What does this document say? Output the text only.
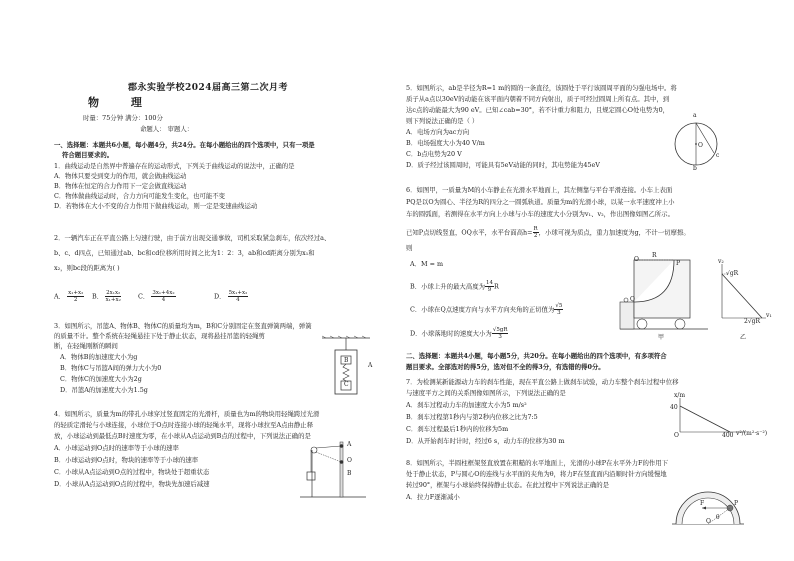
郡永实验学校2024届高三第二次月考
物 理
时量：75分钟 满分：100分
命题人： 审题人：
一、选择题：本题共6小题，每小题4分，共24分。在每小题给出的四个选项中，只有一项是
符合题目要求的。
1．曲线运动是自然界中普遍存在的运动形式，下列关于曲线运动的说法中，正确的是
A．物体只要受到变力的作用，就会做曲线运动
B．物体在恒定的合力作用下一定会做直线运动
C．物体做曲线运动时，合力方向可能发生变化，也可能不变
D．若物体在大小不变的合力作用下做曲线运动，则一定是变速曲线运动
2．一辆汽车正在平直公路上匀速行驶，由于前方出现交通事故，司机采取紧急刹车，依次经过a、
b、c、d四点，已知通过ab、bc和cd位移所用时间之比为1：2：3，ab和cd距离分别为x₁和
x₂，则bc段的距离为( )
A． $\frac{\text{x₁+x₂}}{2}$ B． $\frac{\text{2x₁x₂}}{\text{x₁+x₂}}$	C． $\frac{\text{3x₁+4x₂}}{4}$	D． $\frac{\text{5x₁+x₂}}{4}$
3．如图所示，吊篮A、物体B、物体C的质量均为m，B和C分别固定在竖直弹簧两端，弹簧
的质量不计。整个系统在轻绳悬挂下处于静止状态，现将悬挂吊篮的轻绳剪
断，在轻绳刚断的瞬间
A．物体B的加速度大小为g
B．物体C与吊篮A间的弹力大小为0
C．物体C的加速度大小为2g
D．吊篮A的加速度大小为1.5g
B
C
A
4．如图所示，质量为m的带孔小球穿过竖直固定的光滑杆，质量也为m的物块用轻绳跨过光滑
的轻质定滑轮与小球连接，小球位于O点时连接小球的轻绳水平，现将小球拉至A点由静止释
放，小球运动到最低点B时速度为零，在小球从A点运动到B点的过程中，下列说法正确的是
A．小球运动到O点时的速率等于小球的速率
B．小球运动到O点时，物块的速率等于小球的速率
C．小球从A点运动到O点的过程中，物块处于超重状态
D．小球从A点运动到O点的过程中，物块先加速后减速
A
O
B
5．如图所示，ab是半径为R=1 m的圆的一条直径，该圆处于平行该圆周平面的匀强电场中。将
质子从a点以30eV的动能在该平面内朝着不同方向射出，质子可经过圆周上所有点。其中，到
达c点的动能最大为90 eV。已知∠cab=30°，若不计重力和阻力，且规定圆心O处电势为0，
则下列说法正确的是（ ）
A．电场方向为ac方向
B．电场强度大小为40 V/m
C．b点电势为20 V
D．质子经过该圆周时，可能具有5eV动能的同时，其电势能为45eV
a
b
c
O
6．如图甲，一质量为M的小车静止在光滑水平地面上，其左侧靠与平台平滑连接。小车上表面
PQ是以O为圆心、半径为R的四分之一圆弧轨道。质量为m的光滑小球，以某一水平速度冲上小
车的圆弧面，若测得在水平方向上小球与小车的速度大小分别为v₁、v₂，作出图像如图乙所示。
已知P点切线竖直，OQ水平，水平台面高$h= \frac{R}{2}$ ，小球可视为质点，重力加速度为g，不计一切摩擦。
则
A．M = m
B．小球上升的最大高度为 $\frac{14}{9}$ R
C．小球在Q点速度方向与水平方向夹角的正切值为 $\frac{√5}{3}$
D．小球落地时的速度大小为 $\frac{√5gR}{3}$
O
R
P
Q
甲
v₂
√gR
2√gR
v₁
乙
二、选择题：本题共4小题，每小题5分，共20分。在每小题给出的四个选项中，有多项符合
题目要求。全部选对的得5分，选对但不全的得3分，有选错的得0分。
7．为检测某新能源动力车的刹车性能，现在平直公路上做刹车试验，动力车整个刹车过程中位移
与速度平方之间的关系图像如图所示，下列说法正确的是
A．刹车过程动力车的加速度大小为5 m/s²
B．刹车过程第1秒内与第2秒内位移之比为7:5
C．刹车过程最后1秒内的位移为5m
D．从开始刹车时计时，经过6 s，动力车的位移为30 m
x/m
40
O	400 v²/(m²·s⁻²)
8．如图所示，半圆柱框架竖直放置在粗糙的水平地面上，光滑的小球P在水平外力F的作用下
处于静止状态，P与圆心O的连线与水平面的夹角为θ，将力F在竖直面内沿顺时针方向缓慢地
转过90°，框架与小球始终保持静止状态。在此过程中下列说法正确的是
A．拉力F逐渐减小
F	P
O
θ
